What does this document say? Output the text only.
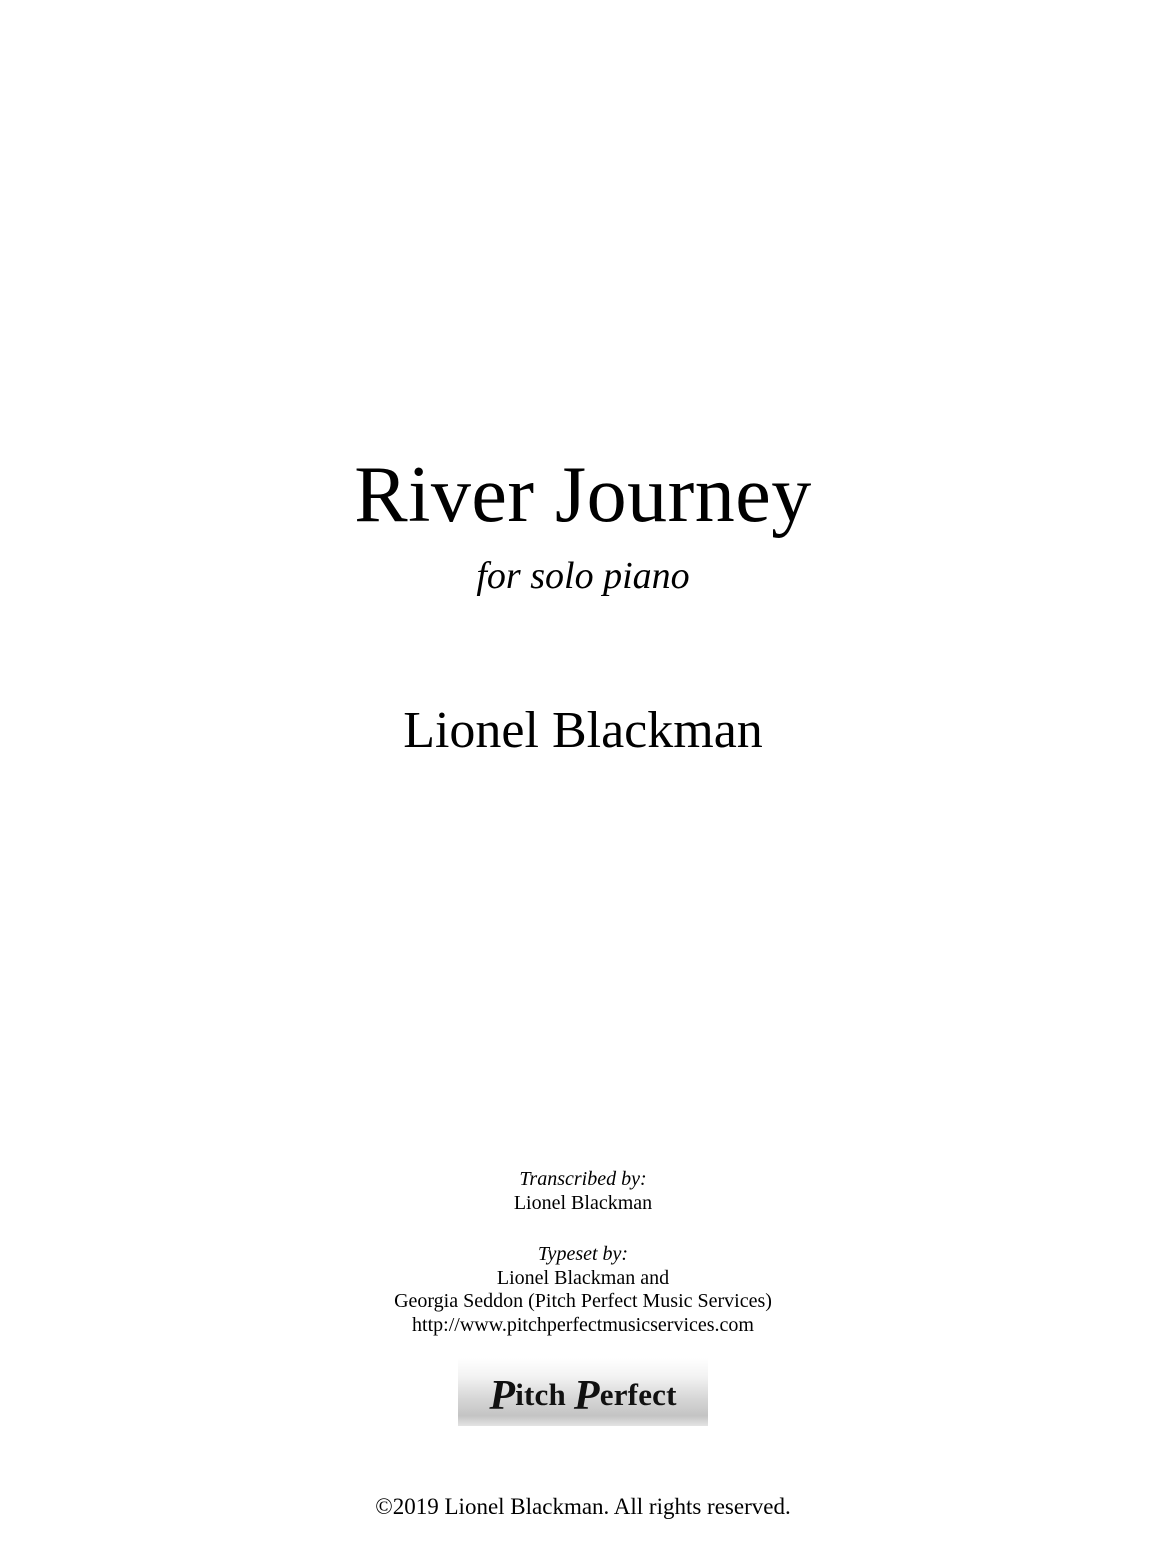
River Journey
for solo piano
Lionel Blackman
Transcribed by:
Lionel Blackman
Typeset by:
Lionel Blackman and
Georgia Seddon (Pitch Perfect Music Services)
http://www.pitchperfectmusicservices.com
Pitch Perfect
©2019 Lionel Blackman. All rights reserved.
